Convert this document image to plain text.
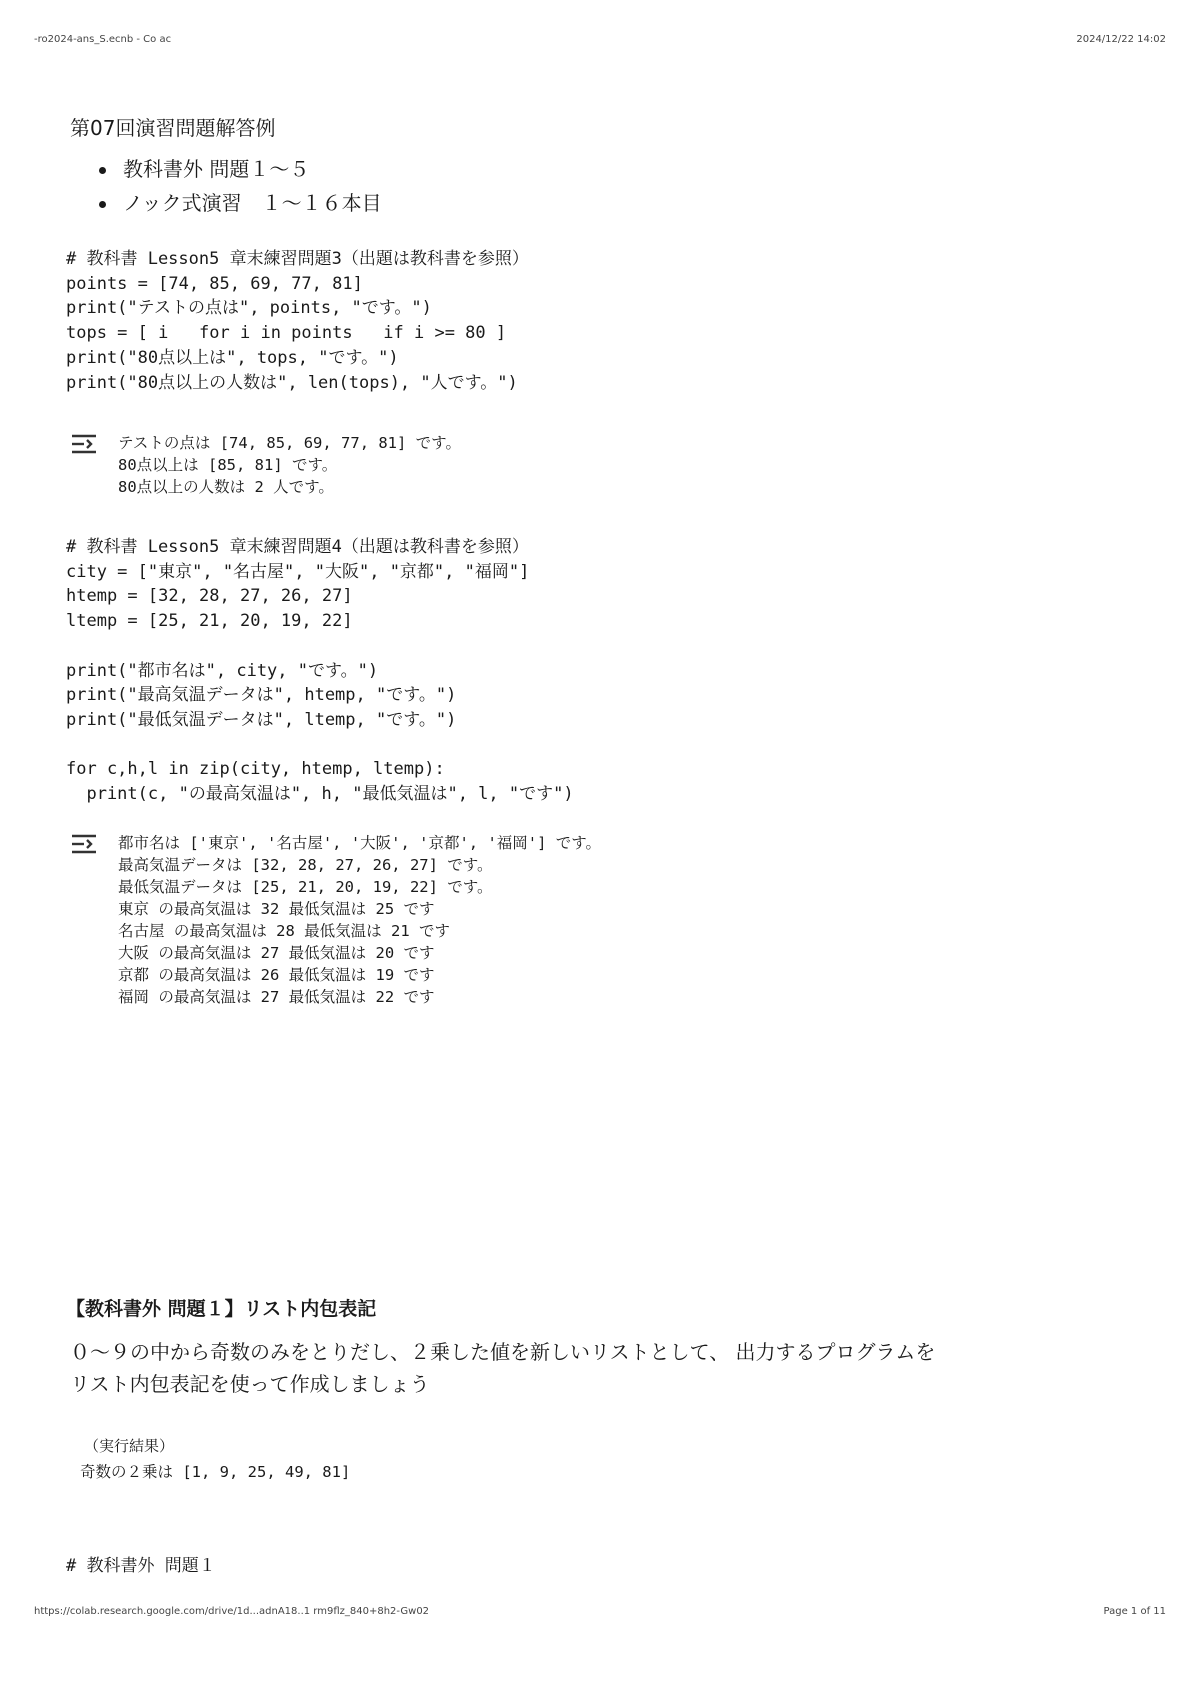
-ro2024-ans_S.ecnb - Co ac	2024/12/22 14:02
第07回演習問題解答例
教科書外 問題１～５
ノック式演習　１～１６本目
# 教科書 Lesson5 章末練習問題3（出題は教科書を参照）
points = [74, 85, 69, 77, 81]
print("テストの点は", points, "です。")
tops = [ i   for i in points   if i >= 80 ]
print("80点以上は", tops, "です。")
print("80点以上の人数は", len(tops), "人です。")
テストの点は [74, 85, 69, 77, 81] です。
80点以上は [85, 81] です。
80点以上の人数は 2 人です。
# 教科書 Lesson5 章末練習問題4（出題は教科書を参照）
city = ["東京", "名古屋", "大阪", "京都", "福岡"]
htemp = [32, 28, 27, 26, 27]
ltemp = [25, 21, 20, 19, 22]

print("都市名は", city, "です。")
print("最高気温データは", htemp, "です。")
print("最低気温データは", ltemp, "です。")

for c,h,l in zip(city, htemp, ltemp):
print(c, "の最高気温は", h, "最低気温は", l, "です")
都市名は ['東京', '名古屋', '大阪', '京都', '福岡'] です。
最高気温データは [32, 28, 27, 26, 27] です。
最低気温データは [25, 21, 20, 19, 22] です。
東京 の最高気温は 32 最低気温は 25 です
名古屋 の最高気温は 28 最低気温は 21 です
大阪 の最高気温は 27 最低気温は 20 です
京都 の最高気温は 26 最低気温は 19 です
福岡 の最高気温は 27 最低気温は 22 です
【教科書外 問題１】リスト内包表記
０～９の中から奇数のみをとりだし、２乗した値を新しいリストとして、 出力するプログラムをリスト内包表記を使って作成しましょう
（実行結果）
奇数の２乗は [1, 9, 25, 49, 81]
# 教科書外 問題１
https://colab.research.google.com/drive/1d...adnA18..1 rm9flz_840+8h2-Gw02	Page 1 of 11
